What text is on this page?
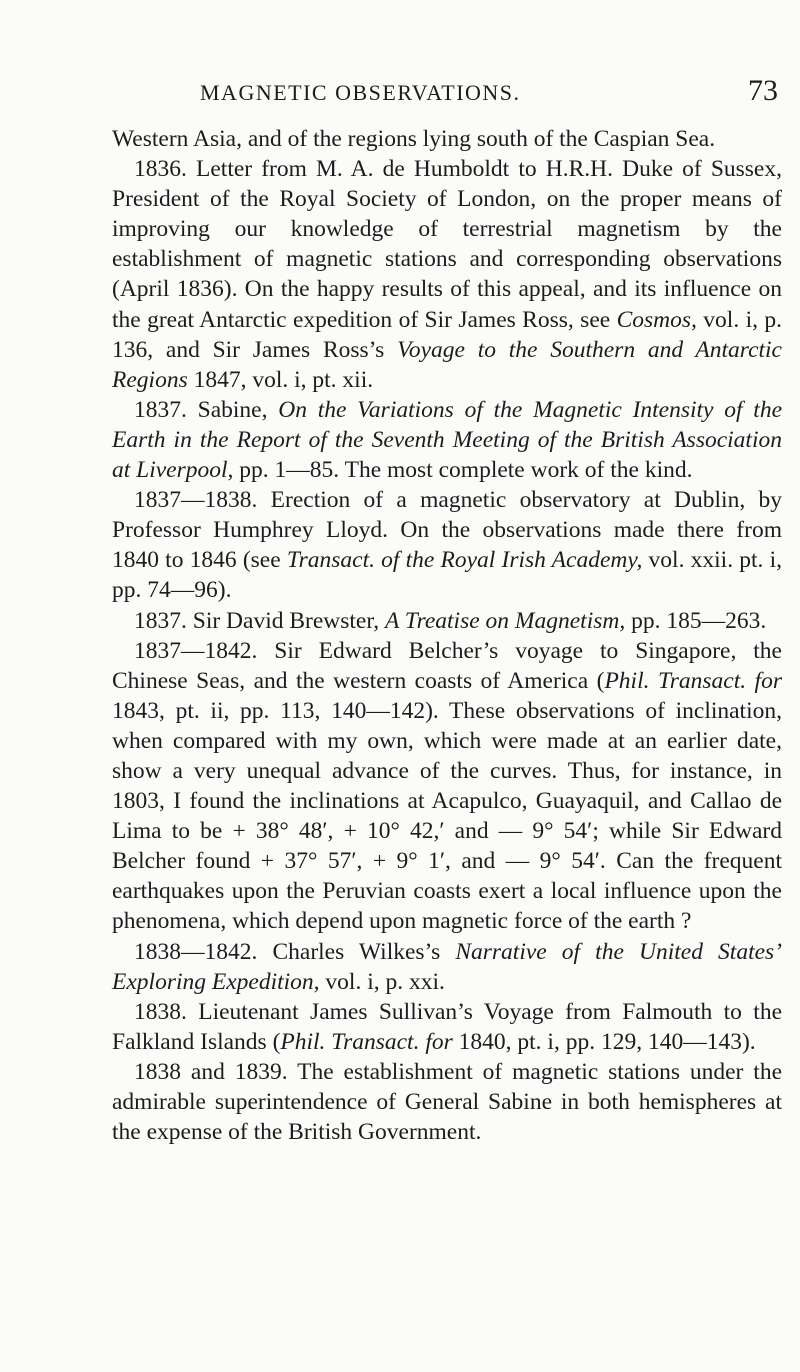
MAGNETIC OBSERVATIONS.	73

Western Asia, and of the regions lying south of the Caspian Sea.

1836. Letter from M. A. de Humboldt to H.R.H. Duke of Sussex, President of the Royal Society of London, on the proper means of improving our knowledge of terrestrial magnetism by the establishment of magnetic stations and corresponding observations (April 1836). On the happy results of this appeal, and its influence on the great Antarctic expedition of Sir James Ross, see Cosmos, vol. i, p. 136, and Sir James Ross’s Voyage to the Southern and Antarctic Regions 1847, vol. i, pt. xii.

1837. Sabine, On the Variations of the Magnetic Intensity of the Earth in the Report of the Seventh Meeting of the British Association at Liverpool, pp. 1—85. The most complete work of the kind.

1837—1838. Erection of a magnetic observatory at Dublin, by Professor Humphrey Lloyd. On the observations made there from 1840 to 1846 (see Transact. of the Royal Irish Academy, vol. xxii. pt. i, pp. 74—96).

1837. Sir David Brewster, A Treatise on Magnetism, pp. 185—263.

1837—1842. Sir Edward Belcher’s voyage to Singapore, the Chinese Seas, and the western coasts of America (Phil. Transact. for 1843, pt. ii, pp. 113, 140—142). These observations of inclination, when compared with my own, which were made at an earlier date, show a very unequal advance of the curves. Thus, for instance, in 1803, I found the inclinations at Acapulco, Guayaquil, and Callao de Lima to be + 38° 48′, + 10° 42,′ and — 9° 54′; while Sir Edward Belcher found + 37° 57′, + 9° 1′, and — 9° 54′. Can the frequent earthquakes upon the Peruvian coasts exert a local influence upon the phenomena, which depend upon magnetic force of the earth ?

1838—1842. Charles Wilkes’s Narrative of the United States’ Exploring Expedition, vol. i, p. xxi.

1838. Lieutenant James Sullivan’s Voyage from Falmouth to the Falkland Islands (Phil. Transact. for 1840, pt. i, pp. 129, 140—143).

1838 and 1839. The establishment of magnetic stations under the admirable superintendence of General Sabine in both hemispheres at the expense of the British Government.
